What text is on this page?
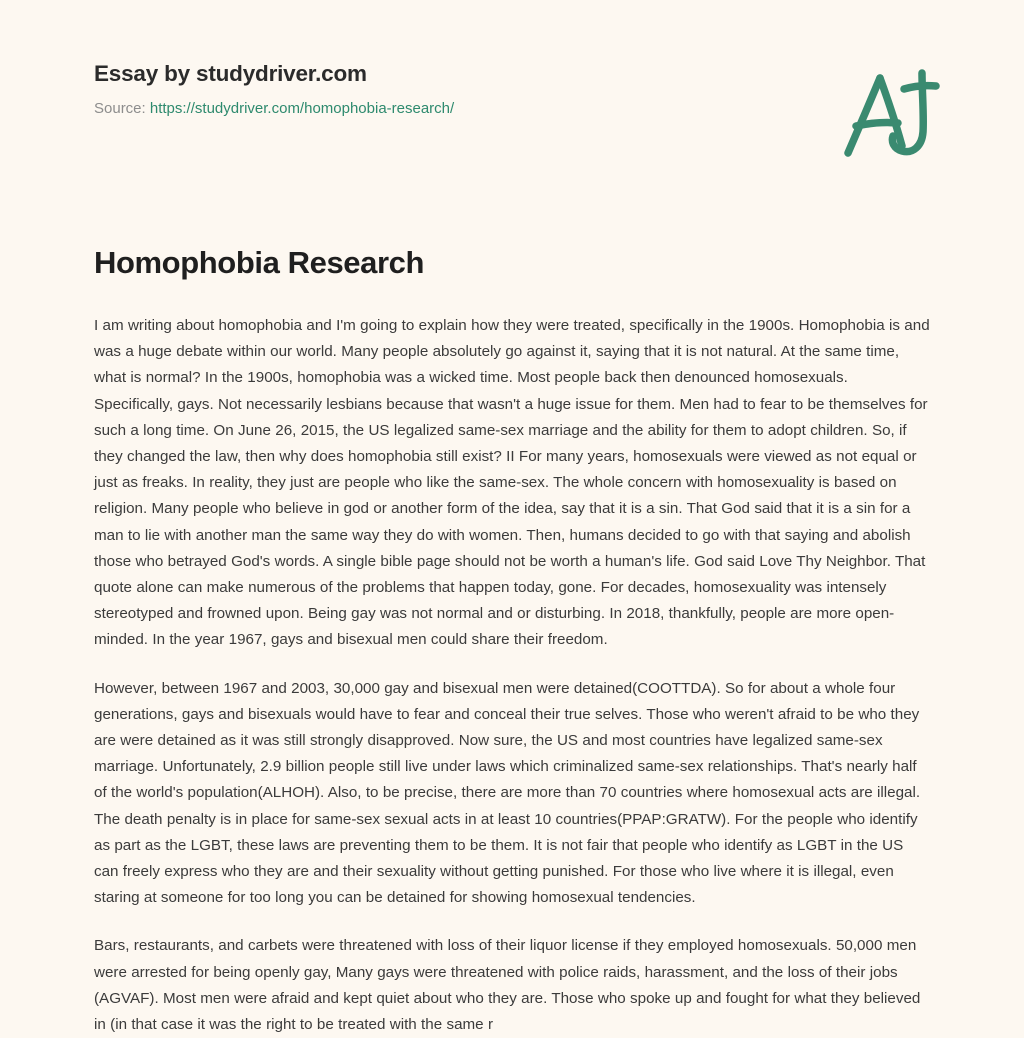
Essay by studydriver.com
Source: https://studydriver.com/homophobia-research/
Homophobia Research

I am writing about homophobia and I'm going to explain how they were treated, specifically in the 1900s. Homophobia is and was a huge debate within our world. Many people absolutely go against it, saying that it is not natural. At the same time, what is normal? In the 1900s, homophobia was a wicked time. Most people back then denounced homosexuals. Specifically, gays. Not necessarily lesbians because that wasn't a huge issue for them. Men had to fear to be themselves for such a long time. On June 26, 2015, the US legalized same-sex marriage and the ability for them to adopt children. So, if they changed the law, then why does homophobia still exist? II For many years, homosexuals were viewed as not equal or just as freaks. In reality, they just are people who like the same-sex. The whole concern with homosexuality is based on religion. Many people who believe in god or another form of the idea, say that it is a sin. That God said that it is a sin for a man to lie with another man the same way they do with women. Then, humans decided to go with that saying and abolish those who betrayed God's words. A single bible page should not be worth a human's life. God said Love Thy Neighbor. That quote alone can make numerous of the problems that happen today, gone. For decades, homosexuality was intensely stereotyped and frowned upon. Being gay was not normal and or disturbing. In 2018, thankfully, people are more open-minded. In the year 1967, gays and bisexual men could share their freedom.

However, between 1967 and 2003, 30,000 gay and bisexual men were detained(COOTTDA). So for about a whole four generations, gays and bisexuals would have to fear and conceal their true selves. Those who weren't afraid to be who they are were detained as it was still strongly disapproved. Now sure, the US and most countries have legalized same-sex marriage. Unfortunately, 2.9 billion people still live under laws which criminalized same-sex relationships. That's nearly half of the world's population(ALHOH). Also, to be precise, there are more than 70 countries where homosexual acts are illegal. The death penalty is in place for same-sex sexual acts in at least 10 countries(PPAP:GRATW). For the people who identify as part as the LGBT, these laws are preventing them to be them. It is not fair that people who identify as LGBT in the US can freely express who they are and their sexuality without getting punished. For those who live where it is illegal, even staring at someone for too long you can be detained for showing homosexual tendencies.

Bars, restaurants, and carbets were threatened with loss of their liquor license if they employed homosexuals. 50,000 men were arrested for being openly gay, Many gays were threatened with police raids, harassment, and the loss of their jobs (AGVAF). Most men were afraid and kept quiet about who they are. Those who spoke up and fought for what they believed in (in that case it was the right to be treated with the same r
